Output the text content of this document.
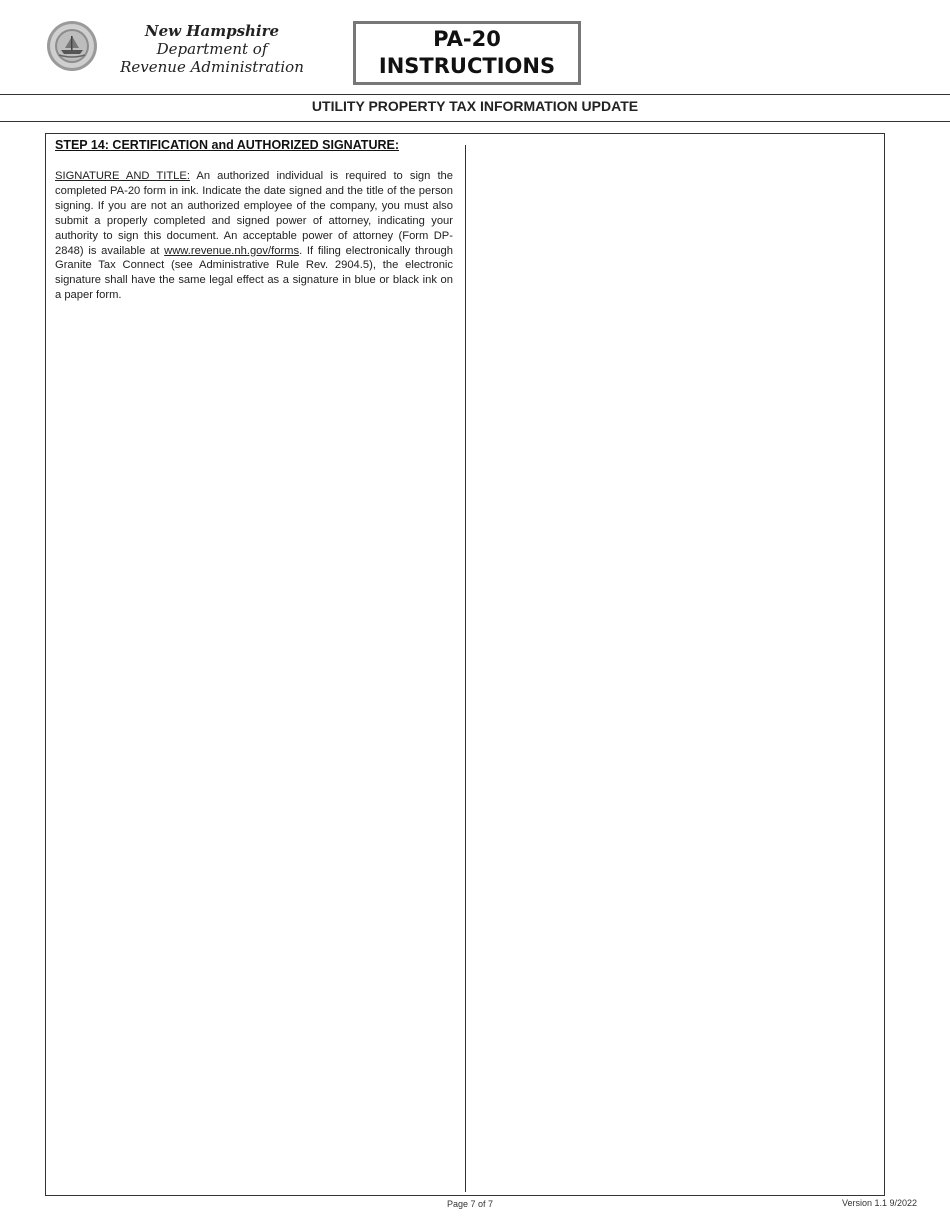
New Hampshire
Department of
Revenue Administration
PA-20
INSTRUCTIONS
UTILITY PROPERTY TAX INFORMATION UPDATE

STEP 14: CERTIFICATION and AUTHORIZED SIGNATURE:

SIGNATURE AND TITLE: An authorized individual is required to sign the completed PA-20 form in ink. Indicate the date signed and the title of the person signing. If you are not an authorized employee of the company, you must also submit a properly completed and signed power of attorney, indicating your authority to sign this document. An acceptable power of attorney (Form DP-2848) is available at www.revenue.nh.gov/forms. If filing electronically through Granite Tax Connect (see Administrative Rule Rev. 2904.5), the electronic signature shall have the same legal effect as a signature in blue or black ink on a paper form.

Page 7 of 7	Version 1.1 9/2022
